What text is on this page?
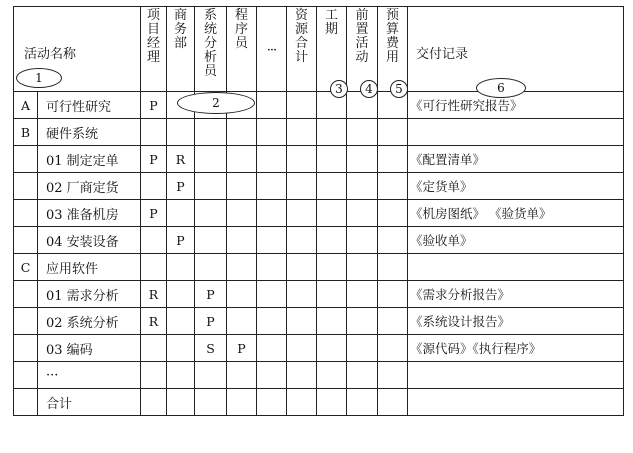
活动名称		项目经理	商务部	系统分析员	程序员	···	资源合计	工期	前置活动	预算费用	交付记录

A	可行性研究	P									《可行性研究报告》
B	硬件系统										
	01 制定定单	P	R								《配置清单》
	02 厂商定货		P								《定货单》
	03 准备机房	P									《机房图纸》 《验货单》
	04 安装设备		P								《验收单》
C	应用软件										
	01 需求分析	R		P							《需求分析报告》
	02 系统分析	R		P							《系统设计报告》
	03 编码			S	P						《源代码》《执行程序》
	···										
	合计										
1
2
3	4	5	6
